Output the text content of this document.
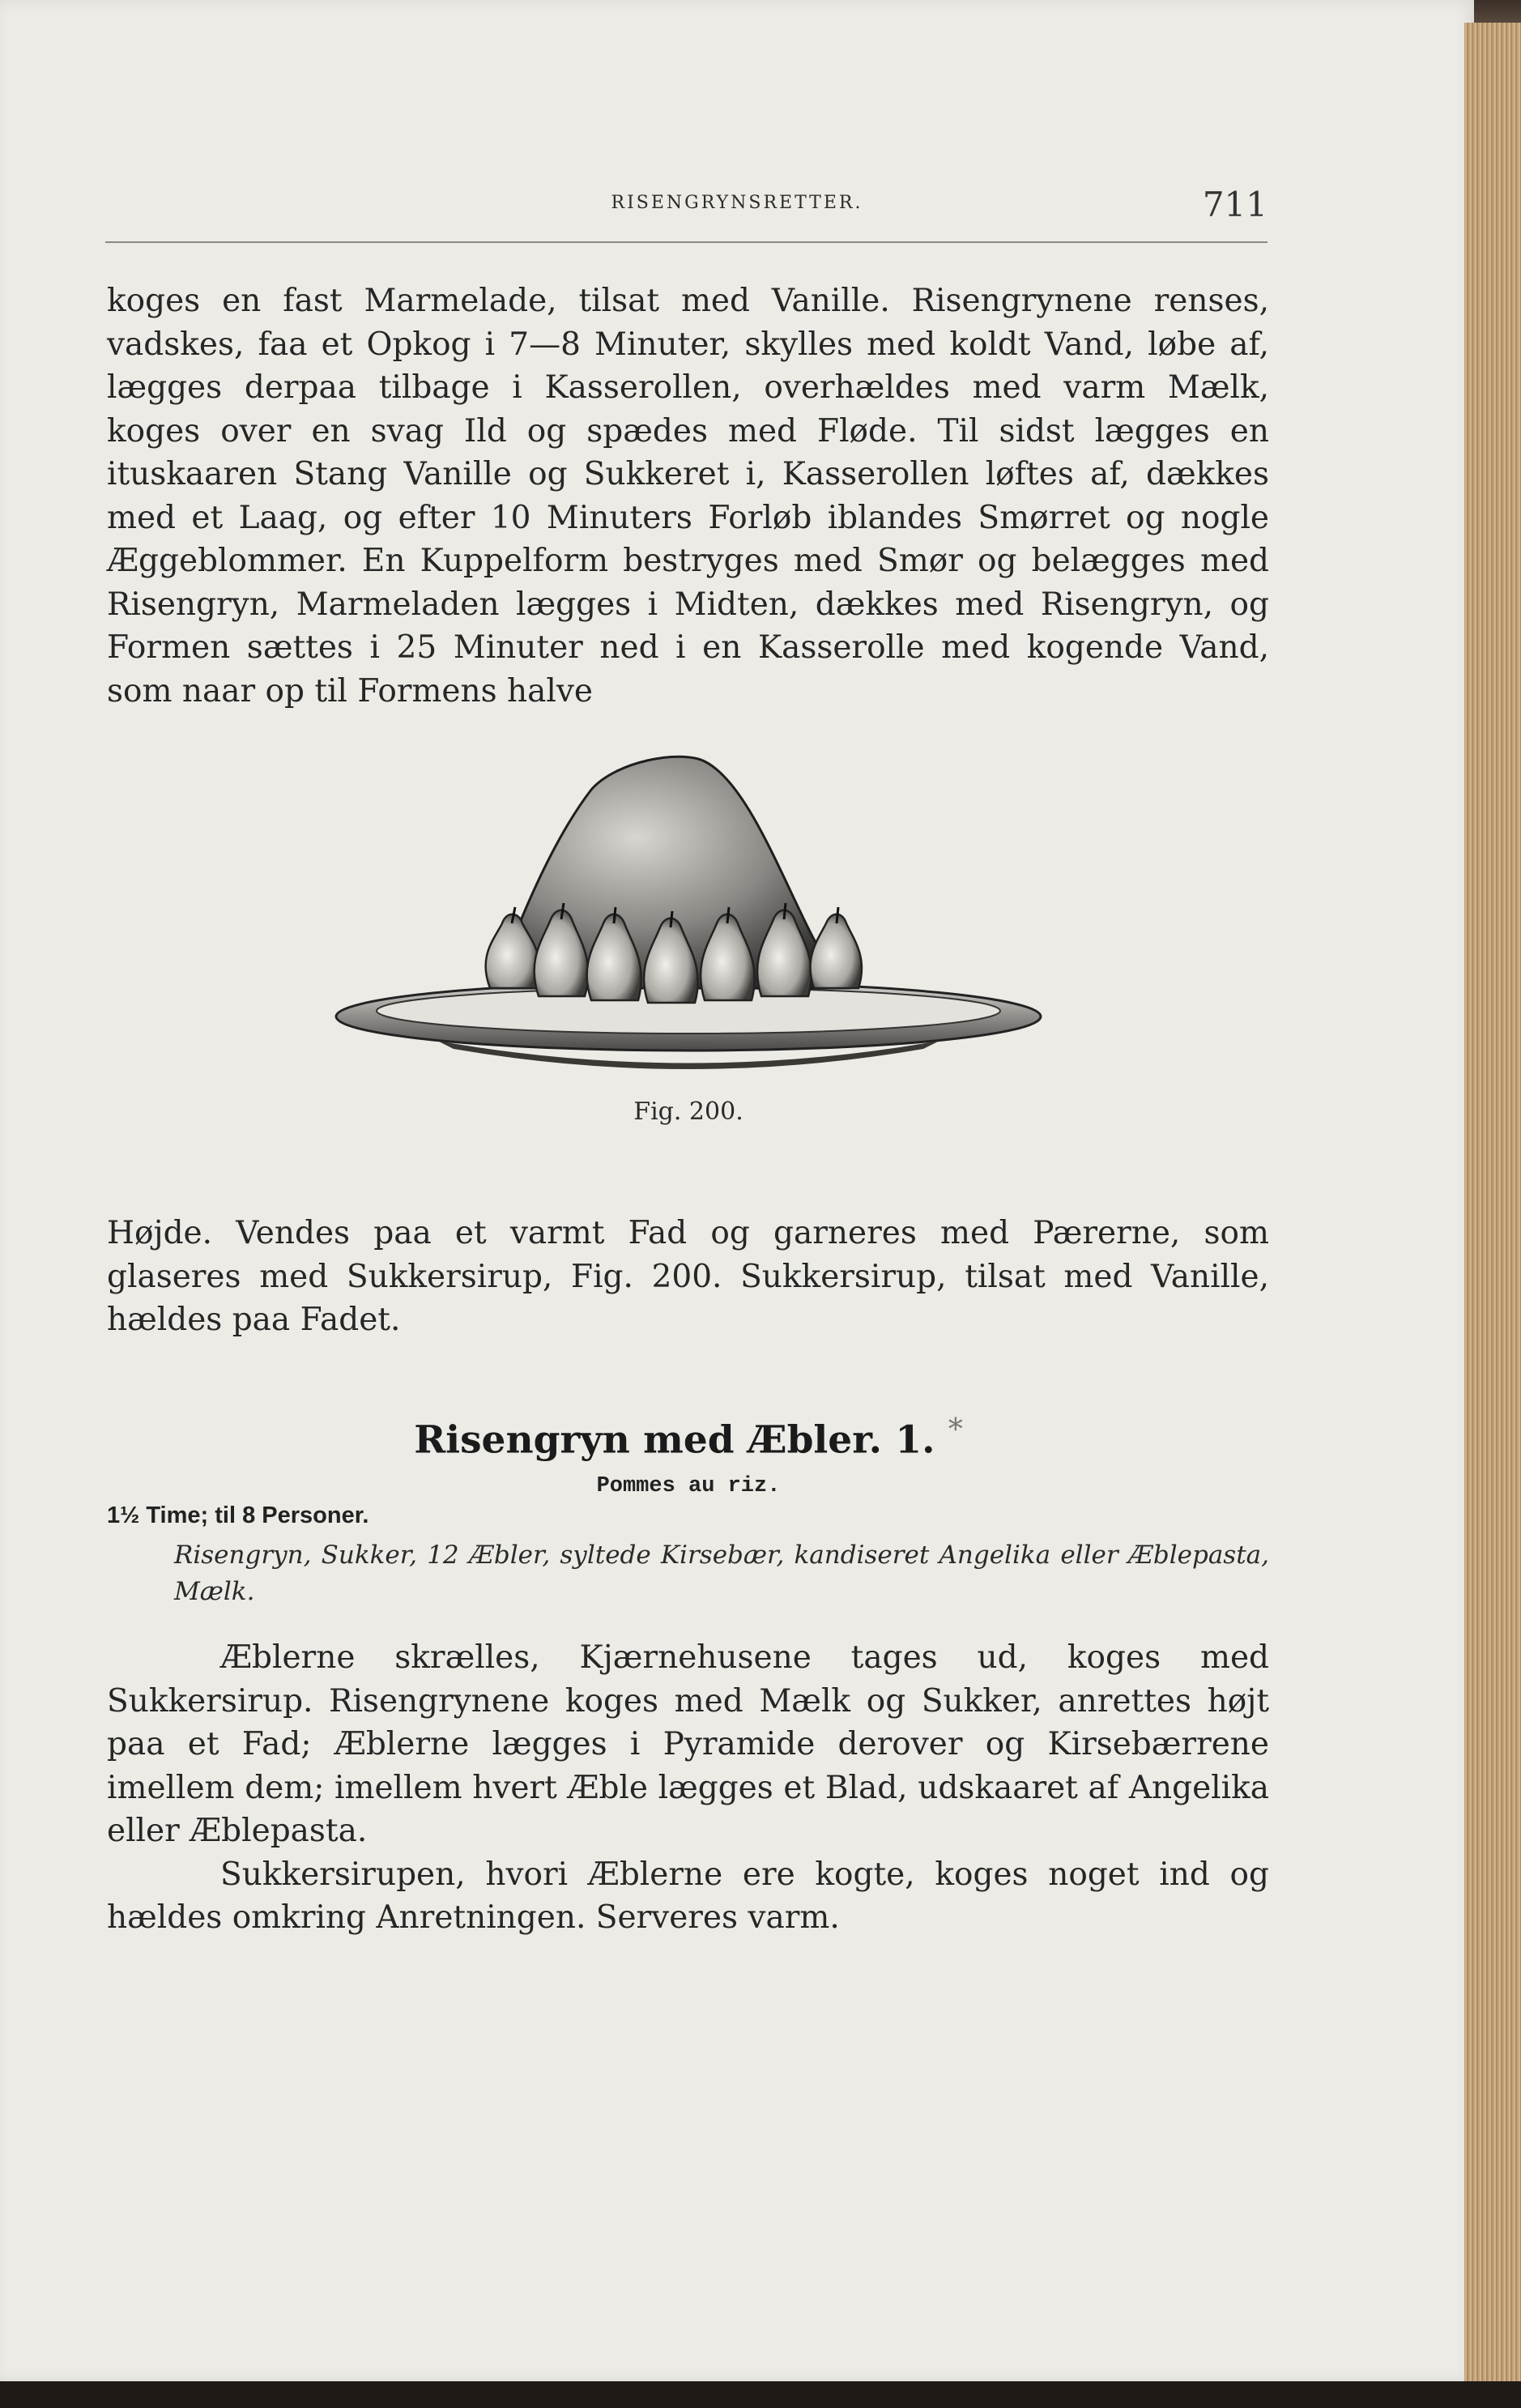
RISENGRYNSRETTER.	711

koges en fast Marmelade, tilsat med Vanille. Risengrynene renses, vadskes, faa et Opkog i 7—8 Minuter, skylles med koldt Vand, løbe af, lægges derpaa tilbage i Kasserollen, overhældes med varm Mælk, koges over en svag Ild og spædes med Fløde. Til sidst lægges en ituskaaren Stang Vanille og Sukkeret i, Kasserollen løftes af, dækkes med et Laag, og efter 10 Minuters Forløb iblandes Smørret og nogle Æggeblommer. En Kuppelform bestryges med Smør og belægges med Risengryn, Marmeladen lægges i Midten, dækkes med Risengryn, og Formen sættes i 25 Minuter ned i en Kasserolle med kogende Vand, som naar op til Formens halve

Fig. 200.

Højde. Vendes paa et varmt Fad og garneres med Pærerne, som glaseres med Sukkersirup, Fig. 200. Sukkersirup, tilsat med Vanille, hældes paa Fadet.

Risengryn med Æbler. 1. *
Pommes au riz.
1½ Time; til 8 Personer.
Risengryn, Sukker, 12 Æbler, syltede Kirsebær, kandiseret Angelika eller Æblepasta, Mælk.

Æblerne skrælles, Kjærnehusene tages ud, koges med Sukkersirup. Risengrynene koges med Mælk og Sukker, anrettes højt paa et Fad; Æblerne lægges i Pyramide derover og Kirsebærrene imellem dem; imellem hvert Æble lægges et Blad, udskaaret af Angelika eller Æblepasta.

Sukkersirupen, hvori Æblerne ere kogte, koges noget ind og hældes omkring Anretningen. Serveres varm.
